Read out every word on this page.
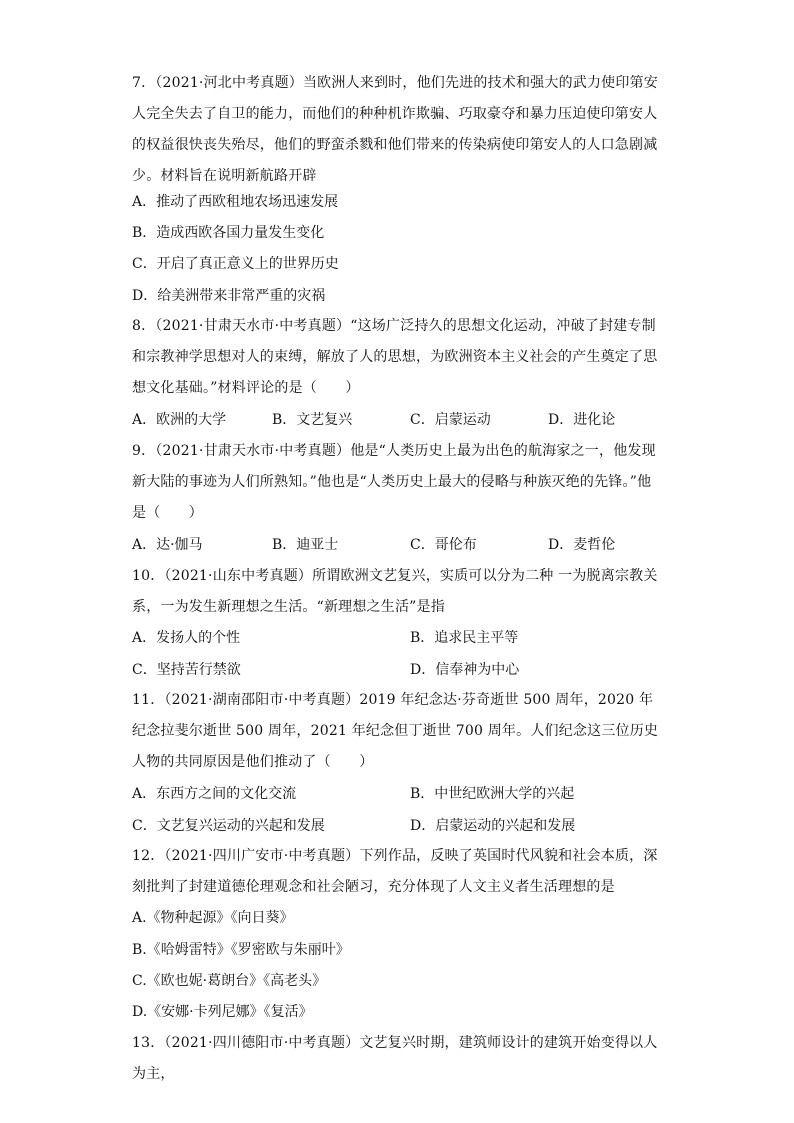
7．（2021·河北中考真题）当欧洲人来到时，他们先进的技术和强大的武力使印第安人完全失去了自卫的能力，而他们的种种机诈欺骗、巧取豪夺和暴力压迫使印第安人的权益很快丧失殆尽，他们的野蛮杀戮和他们带来的传染病使印第安人的人口急剧减少。材料旨在说明新航路开辟
A．推动了西欧租地农场迅速发展
B．造成西欧各国力量发生变化
C．开启了真正意义上的世界历史
D．给美洲带来非常严重的灾祸
8．（2021·甘肃天水市·中考真题）“这场广泛持久的思想文化运动，冲破了封建专制和宗教神学思想对人的束缚，解放了人的思想，为欧洲资本主义社会的产生奠定了思想文化基础。”材料评论的是（　　）
A．欧洲的大学	B．文艺复兴	C．启蒙运动	D．进化论
9．（2021·甘肃天水市·中考真题）他是“人类历史上最为出色的航海家之一，他发现新大陆的事迹为人们所熟知。”他也是“人类历史上最大的侵略与种族灭绝的先锋。”他是（　　）
A．达·伽马	B．迪亚士	C．哥伦布	D．麦哲伦
10．（2021·山东中考真题）所谓欧洲文艺复兴，实质可以分为二种 一为脱离宗教关系，一为发生新理想之生活。“新理想之生活”是指
A．发扬人的个性	B．追求民主平等
C．坚持苦行禁欲	D．信奉神为中心
11．（2021·湖南邵阳市·中考真题）2019 年纪念达·芬奇逝世 500 周年，2020 年纪念拉斐尔逝世 500 周年，2021 年纪念但丁逝世 700 周年。人们纪念这三位历史人物的共同原因是他们推动了（　　）
A．东西方之间的文化交流	B．中世纪欧洲大学的兴起
C．文艺复兴运动的兴起和发展	D．启蒙运动的兴起和发展
12．（2021·四川广安市·中考真题）下列作品，反映了英国时代风貌和社会本质，深刻批判了封建道德伦理观念和社会陋习，充分体现了人文主义者生活理想的是
A.《物种起源》《向日葵》
B.《哈姆雷特》《罗密欧与朱丽叶》
C.《欧也妮·葛朗台》《高老头》
D.《安娜·卡列尼娜》《复活》
13．（2021·四川德阳市·中考真题）文艺复兴时期，建筑师设计的建筑开始变得以人为主，
